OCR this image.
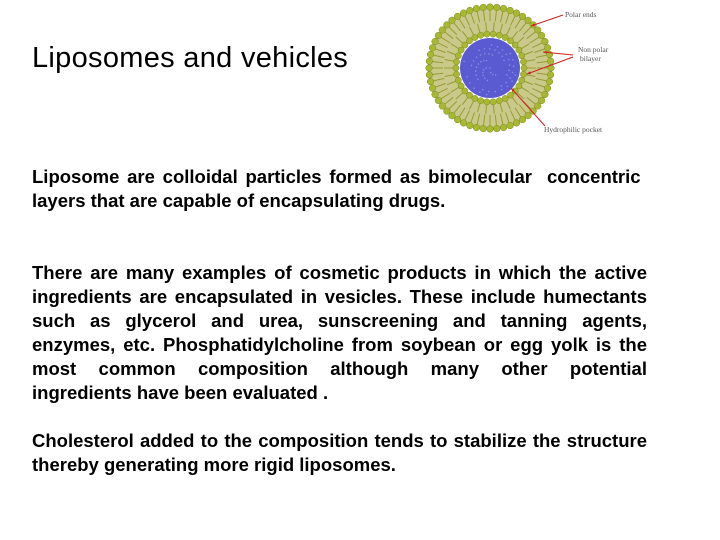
Liposomes and vehicles
Polar ends
Non polar
bilayer
Hydrophilic pocket

Liposome are colloidal particles formed as bimolecular layers that are capable of encapsulating drugs.

concentric

There are many examples of cosmetic products in which the active ingredients are encapsulated in vesicles. These include humectants such as glycerol and urea, sunscreening and tanning agents, enzymes, etc. Phosphatidylcholine from soybean or egg yolk is the most common composition although many other potential ingredients have been evaluated .

Cholesterol added to the composition tends to stabilize the structure thereby generating more rigid liposomes.
